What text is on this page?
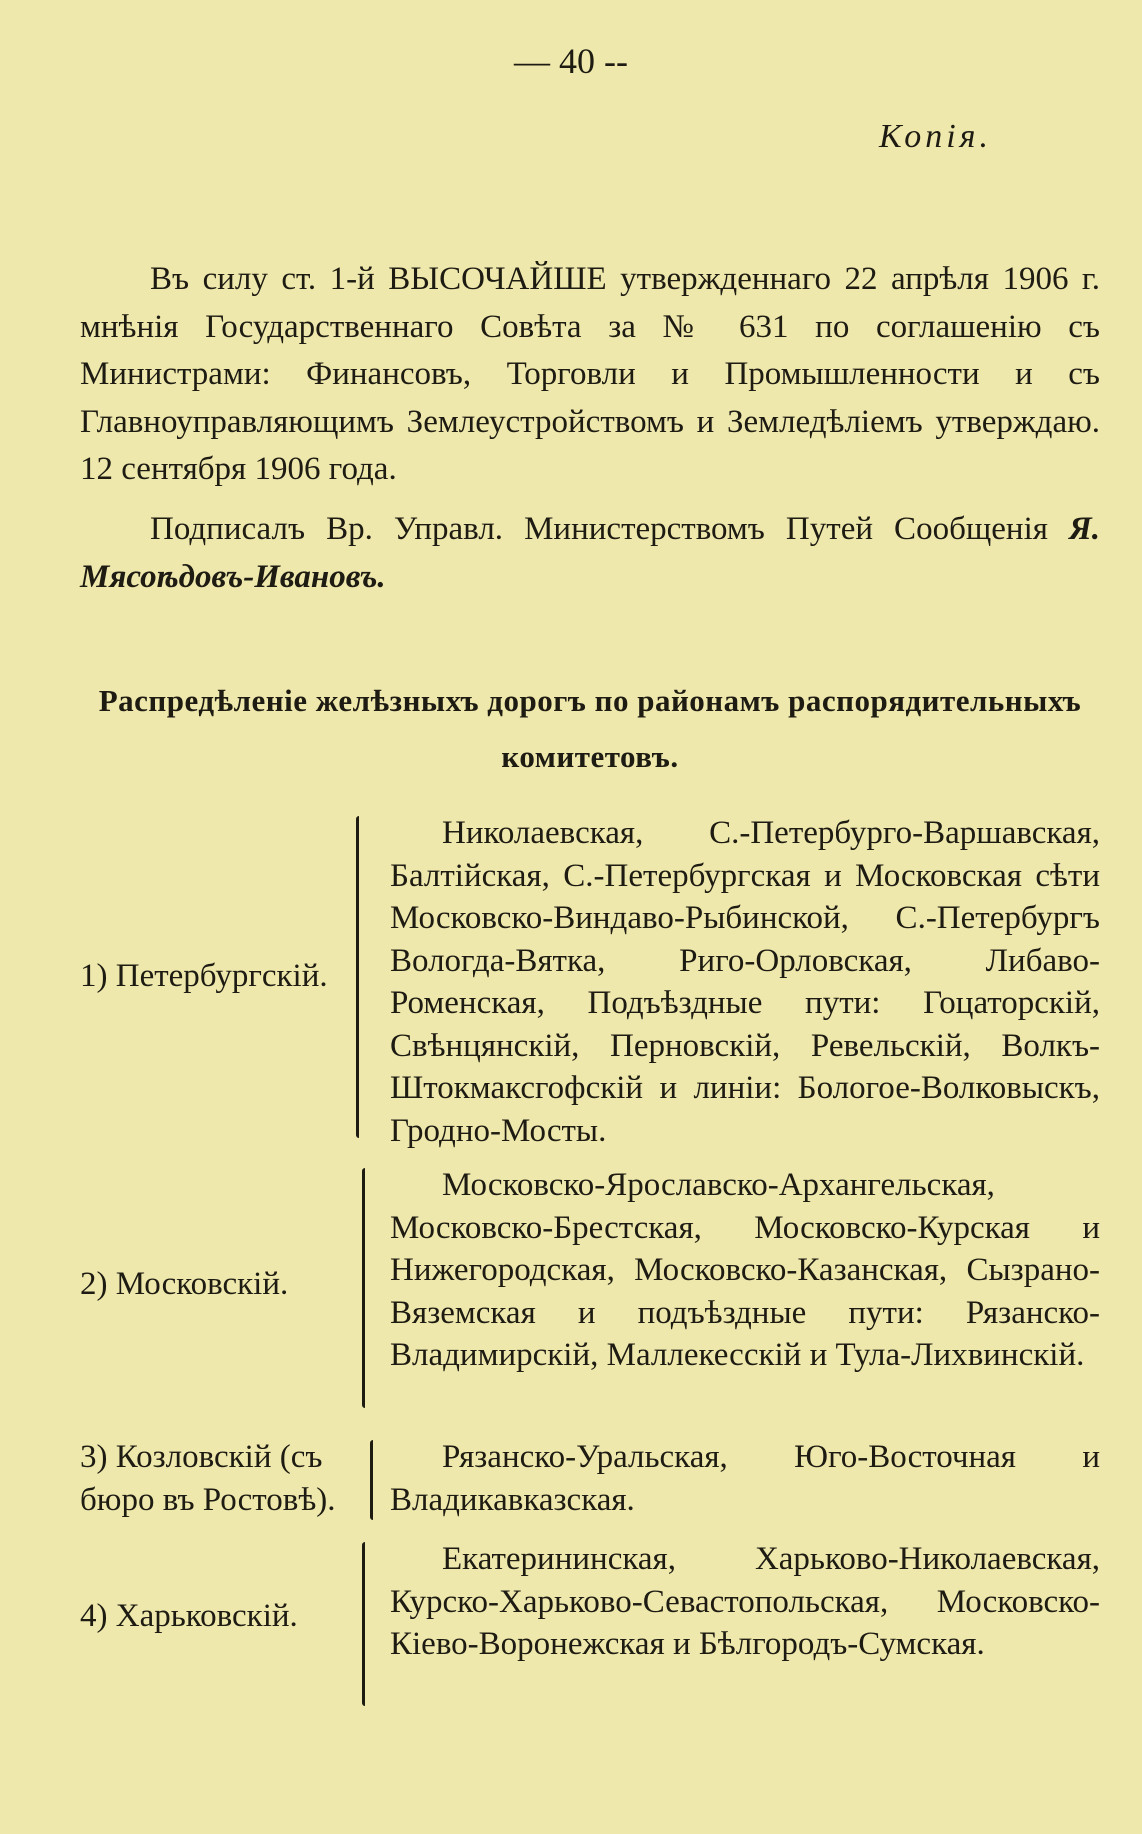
— 40 --
Копія.

Въ силу ст. 1-й ВЫСОЧАЙШЕ утвержденнаго 22 апрѣля 1906 г. мнѣнія Государственнаго Совѣта за № 631 по соглашенію съ Министрами: Финансовъ, Торговли и Промышленности и съ Главноуправляющимъ Землеустройствомъ и Земледѣліемъ утверждаю. 12 сентября 1906 года.

Подписалъ Вр. Управл. Министерствомъ Путей Сообщенія Я. Мясоѣдовъ-Ивановъ.

Распредѣленіе желѣзныхъ дорогъ по районамъ распорядительныхъ комитетовъ.
1) Петербургскій.
Николаевская, С.-Петербурго-Варшавская, Балтійская, С.-Петербургская и Московская сѣти Московско-Виндаво-Рыбинской, С.-Петербургъ Вологда-Вятка, Риго-Орловская, Либаво-Роменская, Подъѣздные пути: Гоцаторскій, Свѣнцянскій, Перновскій, Ревельскій, Волкъ-Штокмаксгофскій и линіи: Бологое-Волковыскъ, Гродно-Мосты.
2) Московскій.
Московско-Ярославско-Архангельская, Московско-Брестская, Московско-Курская и Нижегородская, Московско-Казанская, Сызрано-Вяземская и подъѣздные пути: Рязанско-Владимирскій, Маллекесскій и Тула-Лихвинскій.
3) Козловскій (съ бюро въ Ростовѣ).
Рязанско-Уральская, Юго-Восточная и Владикавказская.
4) Харьковскій.
Екатерининская, Харьково-Николаевская, Курско-Харьково-Севастопольская, Московско-Кіево-Воронежская и Бѣлгородъ-Сумская.
